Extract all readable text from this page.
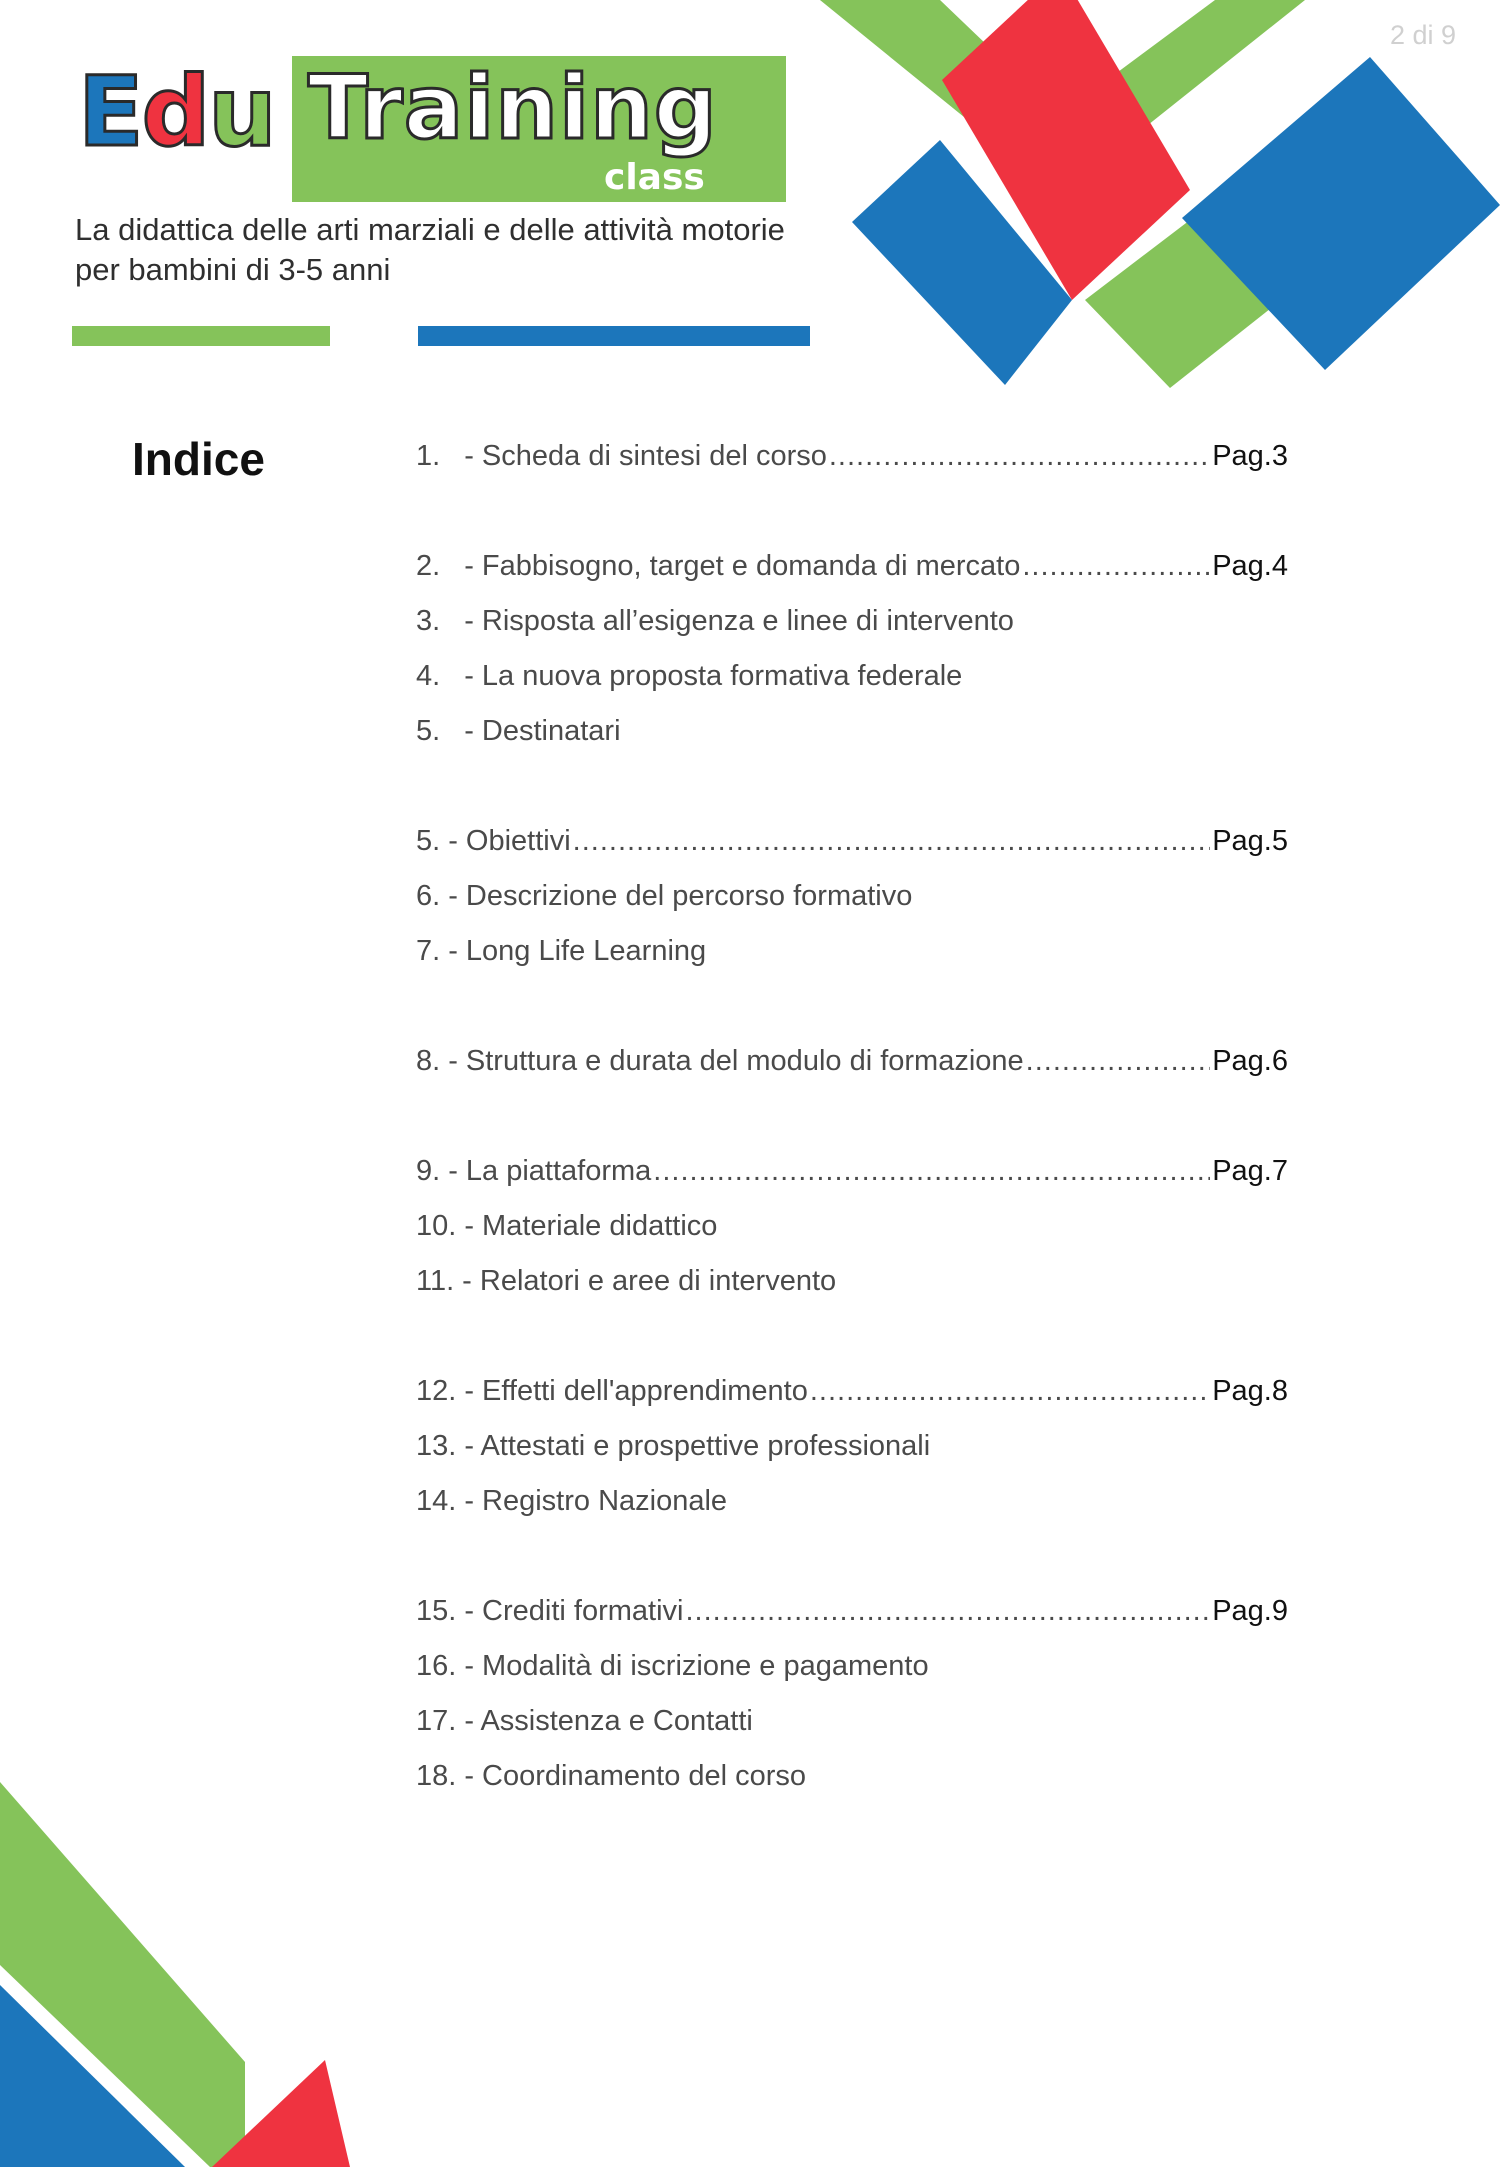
2 di 9
Edu Training
class
La didattica delle arti marziali e delle attività motorie
per bambini di 3-5 anni
Indice	1. - Scheda di sintesi del corso .....	Pag.3
2. - Fabbisogno, target e domanda di mercato .....	Pag.4
3. - Risposta all’esigenza e linee di intervento
4. - La nuova proposta formativa federale
5. - Destinatari
5. - Obiettivi .....	Pag.5
6. - Descrizione del percorso formativo
7. - Long Life Learning
8. - Struttura e durata del modulo di formazione .....	Pag.6
9. - La piattaforma .....	Pag.7
10. - Materiale didattico
11. - Relatori e aree di intervento
12. - Effetti dell'apprendimento .....	Pag.8
13. - Attestati e prospettive professionali
14. - Registro Nazionale
15. - Crediti formativi .....	Pag.9
16. - Modalità di iscrizione e pagamento
17. - Assistenza e Contatti
18. - Coordinamento del corso
